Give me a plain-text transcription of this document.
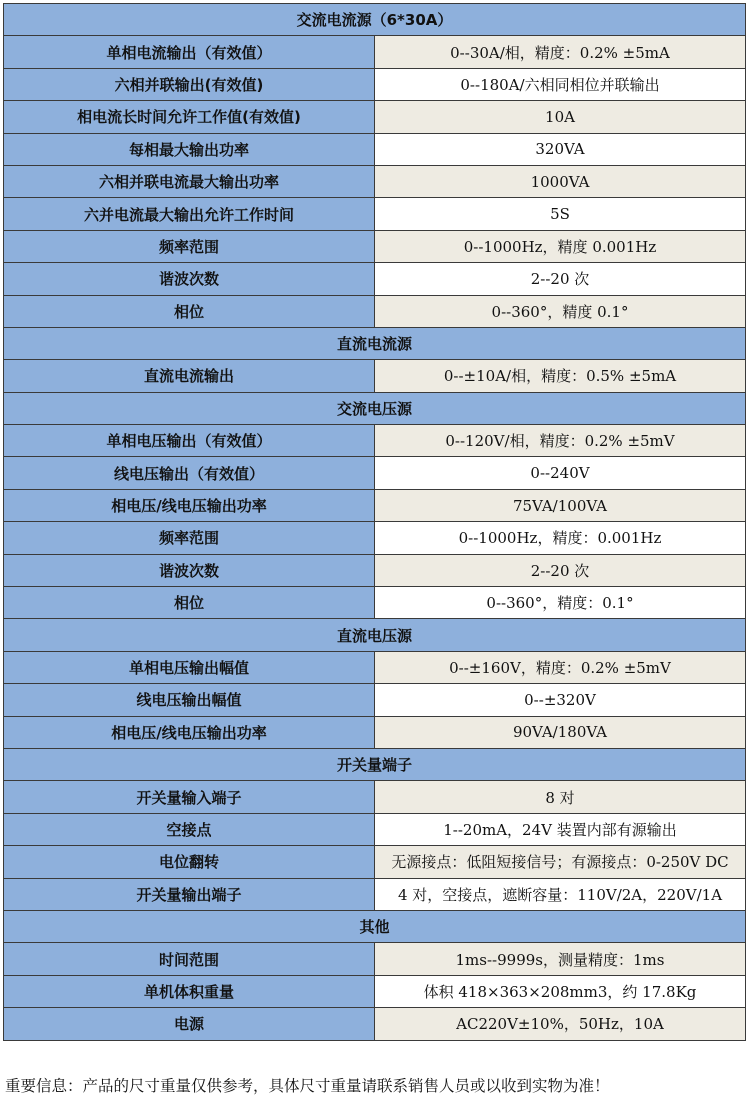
交流电流源（6*30A）	
单相电流输出（有效值）	0--30A/相，精度：0.2% ±5mA
六相并联输出(有效值)	0--180A/六相同相位并联输出
相电流长时间允许工作值(有效值)	10A
每相最大输出功率	320VA
六相并联电流最大输出功率	1000VA
六并电流最大输出允许工作时间	5S
频率范围	0--1000Hz，精度 0.001Hz
谐波次数	2--20 次
相位	0--360°，精度 0.1°
直流电流源	
直流电流输出	0--±10A/相，精度：0.5% ±5mA
交流电压源	
单相电压输出（有效值）	0--120V/相，精度：0.2% ±5mV
线电压输出（有效值）	0--240V
相电压/线电压输出功率	75VA/100VA
频率范围	0--1000Hz，精度：0.001Hz
谐波次数	2--20 次
相位	0--360°，精度：0.1°
直流电压源	
单相电压输出幅值	0--±160V，精度：0.2% ±5mV
线电压输出幅值	0--±320V
相电压/线电压输出功率	90VA/180VA
开关量端子	
开关量输入端子	8 对
空接点	1--20mA，24V 装置内部有源输出
电位翻转	无源接点：低阻短接信号；有源接点：0-250V DC
开关量输出端子	4 对，空接点，遮断容量：110V/2A，220V/1A
其他	
时间范围	1ms--9999s，测量精度：1ms
单机体积重量	体积 418×363×208mm3，约 17.8Kg
电源	AC220V±10%，50Hz，10A
重要信息：产品的尺寸重量仅供参考，具体尺寸重量请联系销售人员或以收到实物为准！
